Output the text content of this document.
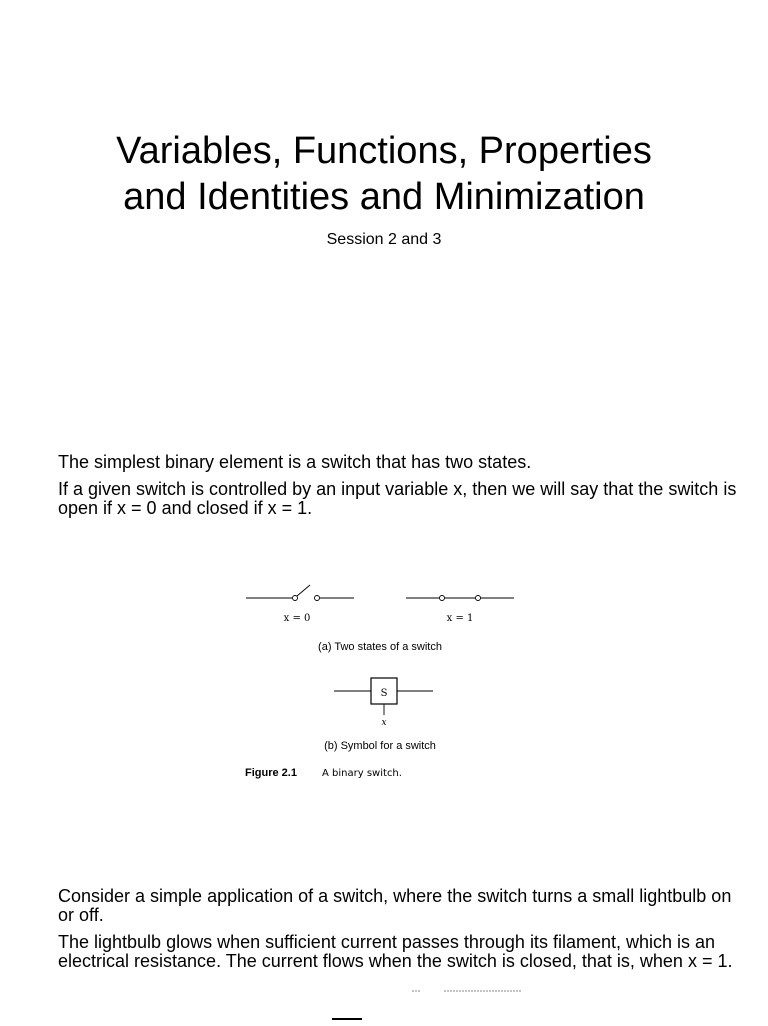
Variables, Functions, Properties
and Identities and Minimization
Session 2 and 3

The simplest binary element is a switch that has two states.

If a given switch is controlled by an input variable x, then we will say that the switch is open if x = 0 and closed if x = 1.

x = 0	x = 1
(a) Two states of a switch
S
x
(b) Symbol for a switch
Figure 2.1	A binary switch.

Consider a simple application of a switch, where the switch turns a small lightbulb on or off.

The lightbulb glows when sufficient current passes through its filament, which is an electrical resistance. The current flows when the switch is closed, that is, when x = 1.
